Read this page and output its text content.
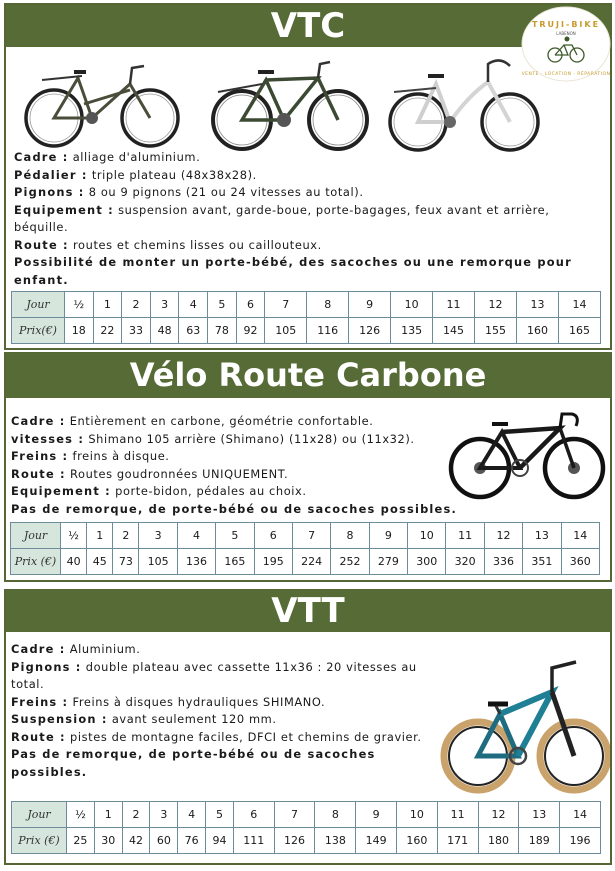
VTC	TRUJI-BIKE
LABENON
VENTE · LOCATION · RÉPARATION

Cadre : alliage d'aluminium.

Pédalier : triple plateau (48x38x28).

Pignons : 8 ou 9 pignons (21 ou 24 vitesses au total).

Equipement : suspension avant, garde-boue, porte-bagages, feux avant et arrière, béquille.

Route : routes et chemins lisses ou caillouteux.

Possibilité de monter un porte-bébé, des sacoches ou une remorque pour enfant.

Jour	½	1	2	3	4	5	6	7	8	9	10	11	12	13	14
Prix(€)	18	22	33	48	63	78	92	105	116	126	135	145	155	160	165
Vélo Route Carbone

Cadre : Entièrement en carbone, géométrie confortable.

vitesses : Shimano 105 arrière (Shimano) (11x28) ou (11x32).

Freins : freins à disque.

Route : Routes goudronnées UNIQUEMENT.

Equipement : porte-bidon, pédales au choix.

Pas de remorque, de porte-bébé ou de sacoches possibles.

Jour	½	1	2	3	4	5	6	7	8	9	10	11	12	13	14
Prix (€)	40	45	73	105	136	165	195	224	252	279	300	320	336	351	360
VTT

Cadre : Aluminium.

Pignons : double plateau avec cassette 11x36 : 20 vitesses au total.

Freins : Freins à disques hydrauliques SHIMANO.

Suspension : avant seulement 120 mm.

Route : pistes de montagne faciles, DFCI et chemins de gravier.

Pas de remorque, de porte-bébé ou de sacoches possibles.

Jour	½	1	2	3	4	5	6	7	8	9	10	11	12	13	14
Prix (€)	25	30	42	60	76	94	111	126	138	149	160	171	180	189	196
